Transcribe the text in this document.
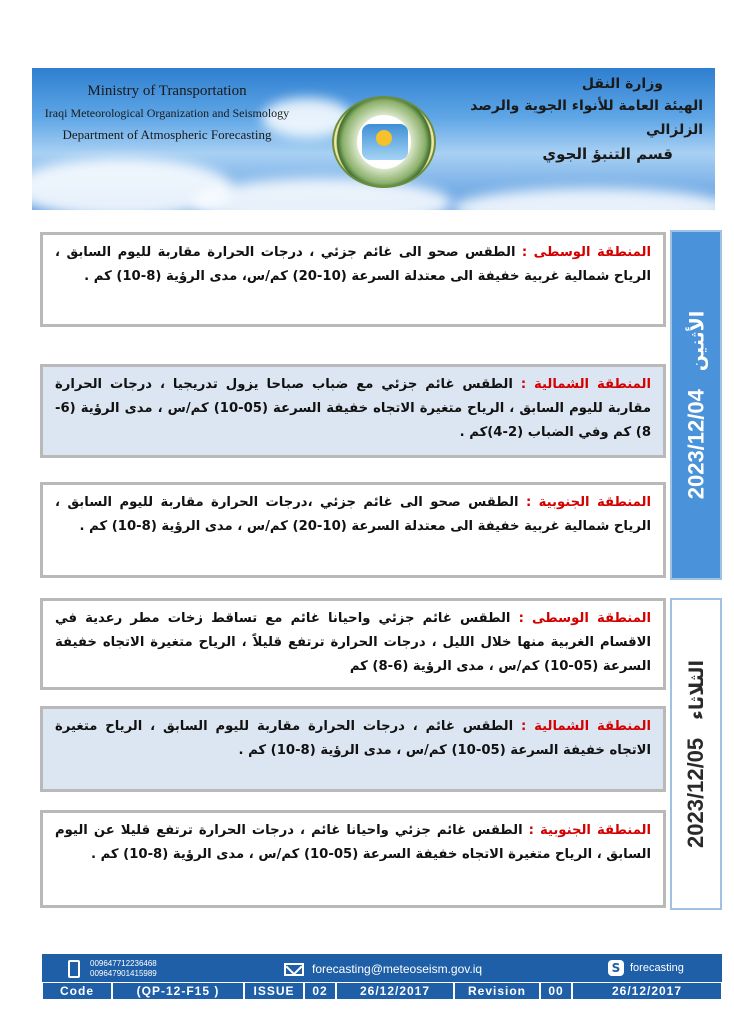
Ministry of Transportation
Iraqi Meteorological Organization and Seismology
Department of Atmospheric Forecasting
وزارة النقل
الهيئة العامة للأنواء الجوية والرصد الزلزالي
قسم التنبؤ الجوي
2023/12/04
الأثنين
2023/12/05
الثلاثاء
المنطقة الوسطى : الطقس صحو الى غائم جزئي ، درجات الحرارة مقاربة لليوم السابق ، الرياح شمالية غربية خفيفة الى معتدلة السرعة (10-20) كم/س، مدى الرؤية (8-10) كم .
المنطقة الشمالية : الطقس غائم جزئي مع ضباب صباحا يزول تدريجيا ، درجات الحرارة مقاربة لليوم السابق ، الرياح متغيرة الاتجاه خفيفة السرعة (05-10) كم/س ، مدى الرؤية (6-8) كم وفي الضباب (2-4)كم .
المنطقة الجنوبية : الطقس صحو الى غائم جزئي ،درجات الحرارة مقاربة لليوم السابق ، الرياح شمالية غربية خفيفة الى معتدلة السرعة (10-20) كم/س ، مدى الرؤية (8-10) كم .
المنطقة الوسطى : الطقس غائم جزئي واحيانا غائم مع تساقط زخات مطر رعدية في الاقسام الغربية منها خلال الليل ، درجات الحرارة ترتفع قليلاً ، الرياح متغيرة الاتجاه خفيفة السرعة (05-10) كم/س ، مدى الرؤية (6-8) كم
المنطقة الشمالية : الطقس غائم ، درجات الحرارة مقاربة لليوم السابق ، الرياح متغيرة الاتجاه خفيفة السرعة (05-10) كم/س ، مدى الرؤية (8-10) كم .
المنطقة الجنوبية : الطقس غائم جزئي واحيانا غائم ، درجات الحرارة ترتفع قليلا عن اليوم السابق ، الرياح متغيرة الاتجاه خفيفة السرعة (05-10) كم/س ، مدى الرؤية (8-10) كم .
009647712236468
009647901415989	forecasting@meteoseism.gov.iq	S forecasting
Code	(QP-12-F15 )	ISSUE	02	26/12/2017	Revision	00	26/12/2017
